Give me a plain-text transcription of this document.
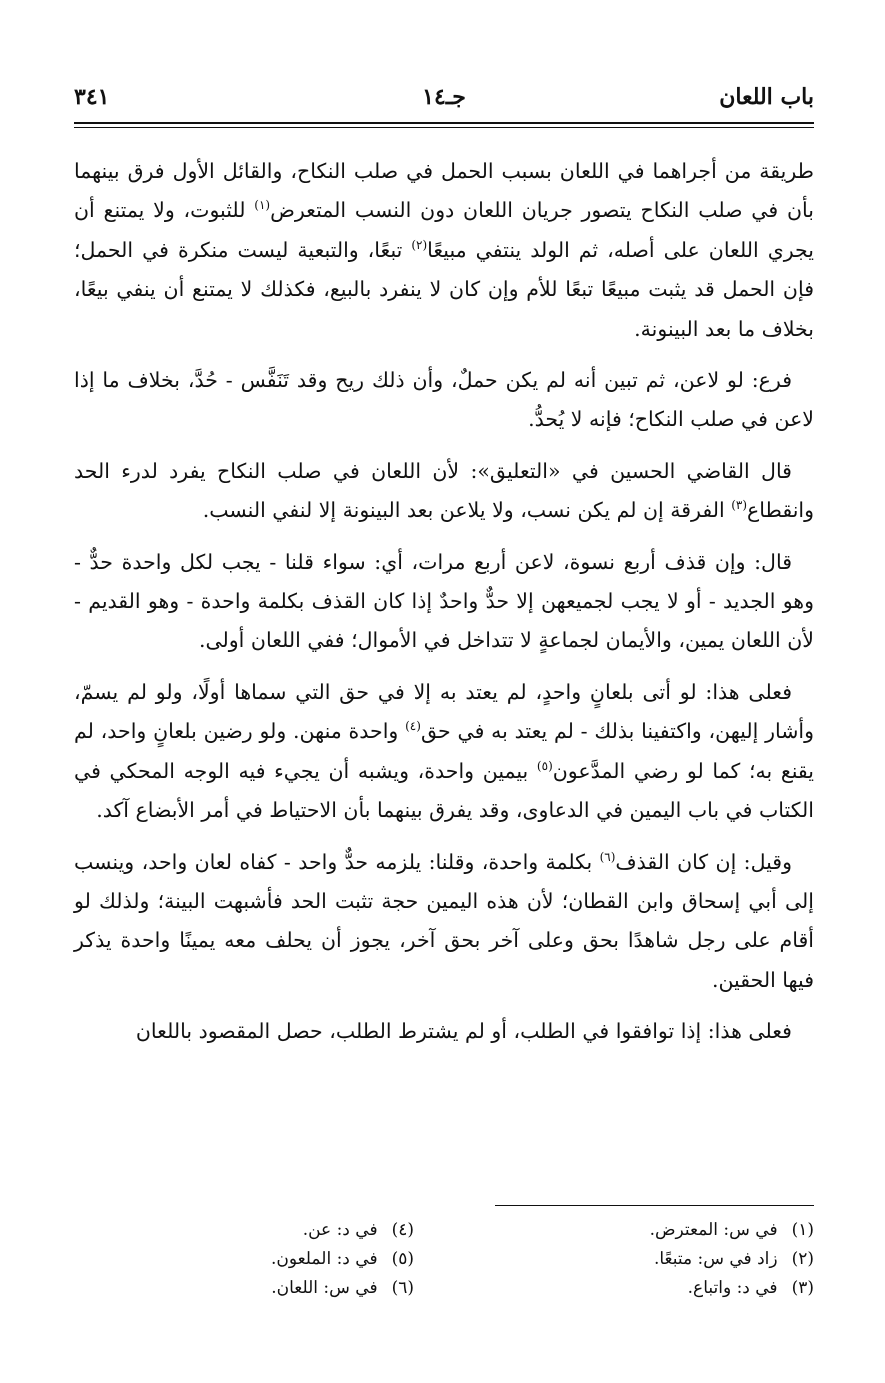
باب اللعان
جـ١٤
٣٤١

طريقة من أجراهما في اللعان بسبب الحمل في صلب النكاح، والقائل الأول فرق بينهما بأن في صلب النكاح يتصور جريان اللعان دون النسب المتعرض$^{(١)}$ للثبوت، ولا يمتنع أن يجري اللعان على أصله، ثم الولد ينتفي مبيعًا$^{(٢)}$ تبعًا، والتبعية ليست منكرة في الحمل؛ فإن الحمل قد يثبت مبيعًا تبعًا للأم وإن كان لا ينفرد بالبيع، فكذلك لا يمتنع أن ينفي بيعًا، بخلاف ما بعد البينونة.

فرع: لو لاعن، ثم تبين أنه لم يكن حملٌ، وأن ذلك ريح وقد تَنَفَّس - حُدَّ، بخلاف ما إذا لاعن في صلب النكاح؛ فإنه لا يُحدُّ.

قال القاضي الحسين في «التعليق»: لأن اللعان في صلب النكاح يفرد لدرء الحد وانقطاع$^{(٣)}$ الفرقة إن لم يكن نسب، ولا يلاعن بعد البينونة إلا لنفي النسب.

قال: وإن قذف أربع نسوة، لاعن أربع مرات، أي: سواء قلنا - يجب لكل واحدة حدٌّ - وهو الجديد - أو لا يجب لجميعهن إلا حدٌّ واحدٌ إذا كان القذف بكلمة واحدة - وهو القديم - لأن اللعان يمين، والأيمان لجماعةٍ لا تتداخل في الأموال؛ ففي اللعان أولى.

فعلى هذا: لو أتى بلعانٍ واحدٍ، لم يعتد به إلا في حق التي سماها أولًا، ولو لم يسمّ، وأشار إليهن، واكتفينا بذلك - لم يعتد به في حق$^{(٤)}$ واحدة منهن. ولو رضين بلعانٍ واحد، لم يقنع به؛ كما لو رضي المدَّعون$^{(٥)}$ بيمين واحدة، ويشبه أن يجيء فيه الوجه المحكي في الكتاب في باب اليمين في الدعاوى، وقد يفرق بينهما بأن الاحتياط في أمر الأبضاع آكد.

وقيل: إن كان القذف$^{(٦)}$ بكلمة واحدة، وقلنا: يلزمه حدٌّ واحد - كفاه لعان واحد، وينسب إلى أبي إسحاق وابن القطان؛ لأن هذه اليمين حجة تثبت الحد فأشبهت البينة؛ ولذلك لو أقام على رجل شاهدًا بحق وعلى آخر بحق آخر، يجوز أن يحلف معه يمينًا واحدة يذكر فيها الحقين.

فعلى هذا: إذا توافقوا في الطلب، أو لم يشترط الطلب، حصل المقصود باللعان

(١)في س: المعترض.
(٢)زاد في س: متبعًا.
(٣)في د: واتباع.
(٤)في د: عن.
(٥)في د: الملعون.
(٦)في س: اللعان.
